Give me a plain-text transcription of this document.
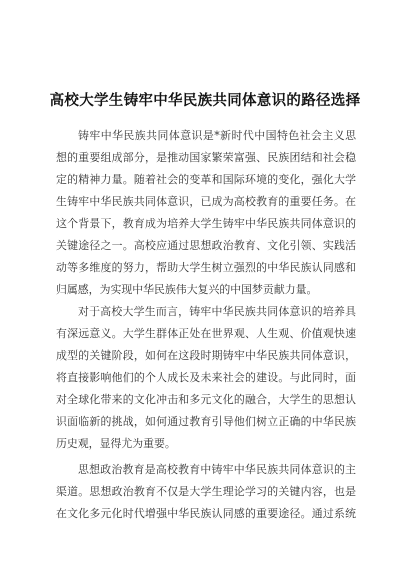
高校大学生铸牢中华民族共同体意识的路径选择
铸牢中华民族共同体意识是*新时代中国特色社会主义思
想的重要组成部分，是推动国家繁荣富强、民族团结和社会稳
定的精神力量。随着社会的变革和国际环境的变化，强化大学
生铸牢中华民族共同体意识，已成为高校教育的重要任务。在
这个背景下，教育成为培养大学生铸牢中华民族共同体意识的
关键途径之一。高校应通过思想政治教育、文化引领、实践活
动等多维度的努力，帮助大学生树立强烈的中华民族认同感和
归属感，为实现中华民族伟大复兴的中国梦贡献力量。
对于高校大学生而言，铸牢中华民族共同体意识的培养具
有深远意义。大学生群体正处在世界观、人生观、价值观快速
成型的关键阶段，如何在这段时期铸牢中华民族共同体意识，
将直接影响他们的个人成长及未来社会的建设。与此同时，面
对全球化带来的文化冲击和多元文化的融合，大学生的思想认
识面临新的挑战，如何通过教育引导他们树立正确的中华民族
历史观，显得尤为重要。
思想政治教育是高校教育中铸牢中华民族共同体意识的主
渠道。思想政治教育不仅是大学生理论学习的关键内容，也是
在文化多元化时代增强中华民族认同感的重要途径。通过系统
